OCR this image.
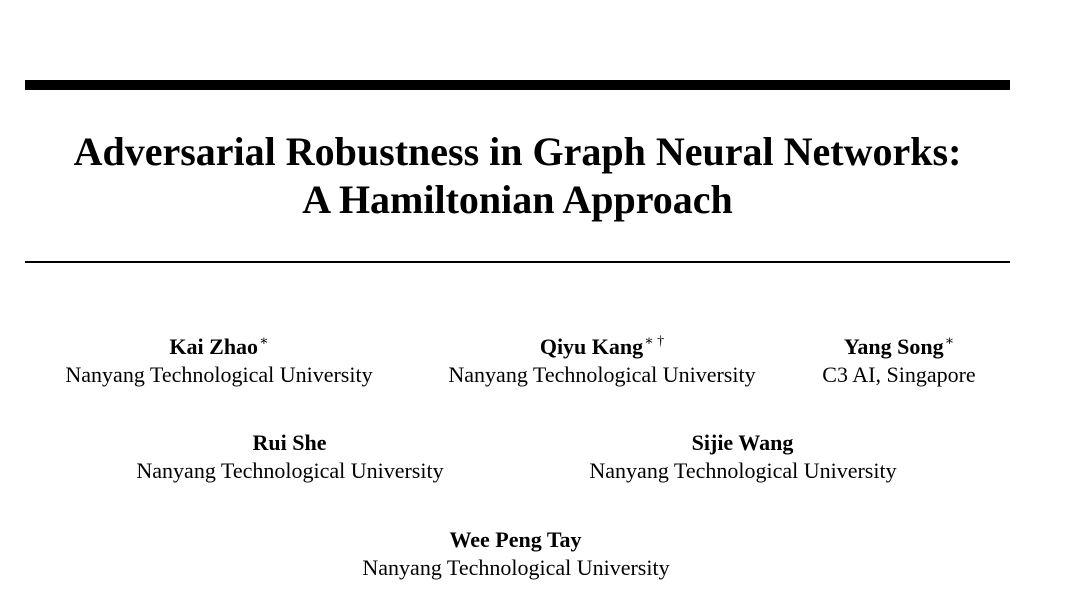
Adversarial Robustness in Graph Neural Networks:
A Hamiltonian Approach
Kai Zhao∗
Nanyang Technological University
Qiyu Kang∗ †
Nanyang Technological University
Yang Song∗
C3 AI, Singapore
Rui She
Nanyang Technological University
Sijie Wang
Nanyang Technological University
Wee Peng Tay
Nanyang Technological University
